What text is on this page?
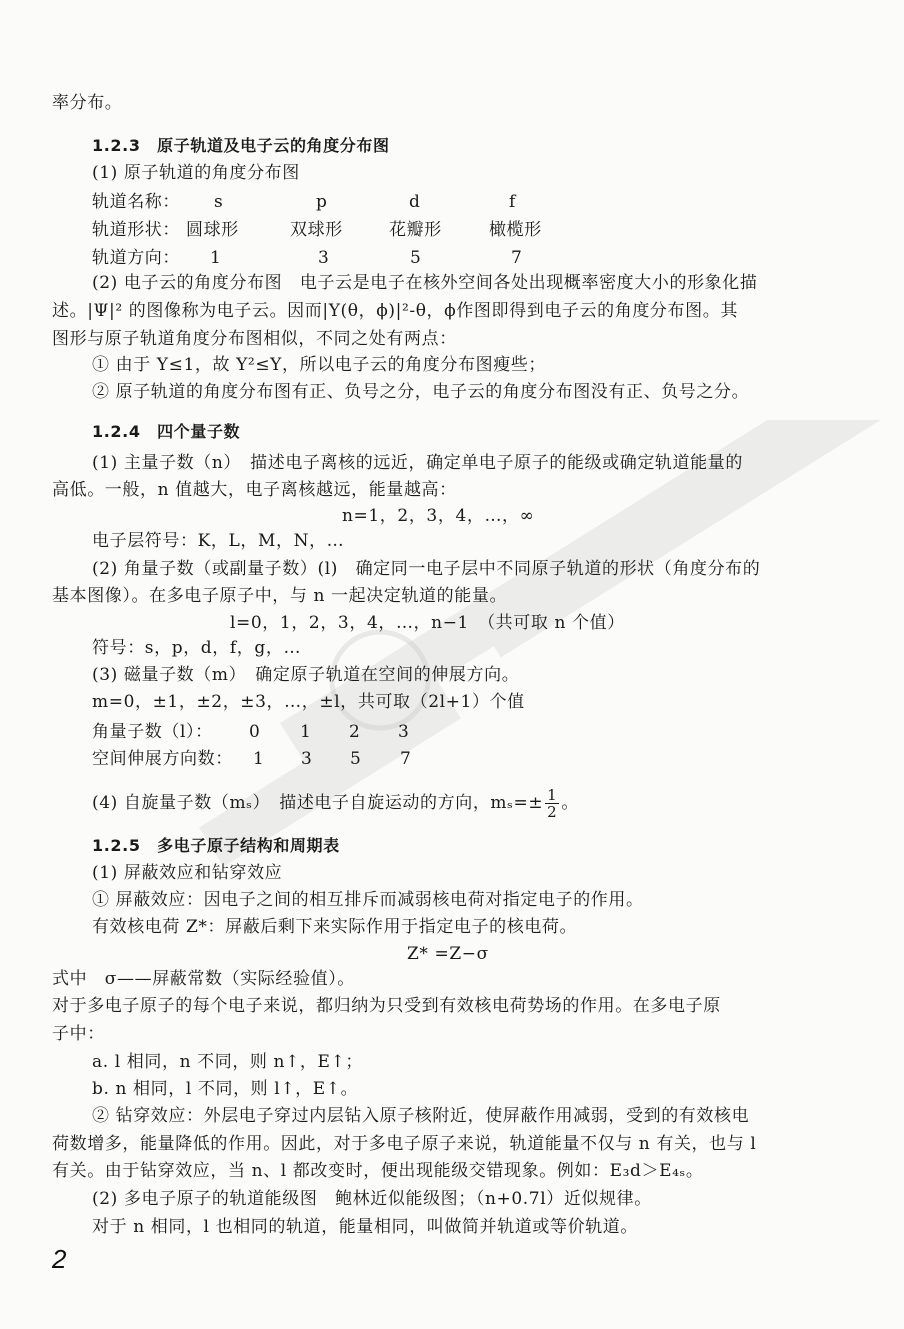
率分布。
1.2.3　原子轨道及电子云的角度分布图
(1) 原子轨道的角度分布图
轨道名称： s	p	d	f
轨道形状： 圆球形	双球形	花瓣形	橄榄形
轨道方向： 1	3	5	7
(2) 电子云的角度分布图　电子云是电子在核外空间各处出现概率密度大小的形象化描
述。|Ψ|² 的图像称为电子云。因而|Y(θ，ϕ)|²-θ，ϕ作图即得到电子云的角度分布图。其
图形与原子轨道角度分布图相似，不同之处有两点：
① 由于 Y≤1，故 Y²≤Y，所以电子云的角度分布图瘦些；
② 原子轨道的角度分布图有正、负号之分，电子云的角度分布图没有正、负号之分。
1.2.4　四个量子数
(1) 主量子数（n）　描述电子离核的远近，确定单电子原子的能级或确定轨道能量的
高低。一般，n 值越大，电子离核越远，能量越高：
n=1，2，3，4，…，∞
电子层符号：K，L，M，N，…
(2) 角量子数（或副量子数）(l)　确定同一电子层中不同原子轨道的形状（角度分布的
基本图像）。在多电子原子中，与 n 一起决定轨道的能量。
l=0，1，2，3，4，…，n−1　（共可取 n 个值）
符号：s，p，d，f，g，…
(3) 磁量子数（m）　确定原子轨道在空间的伸展方向。
m=0，±1，±2，±3，…，±l，共可取（2l+1）个值
角量子数（l）： 0 1 2 3
空间伸展方向数： 1 3 5 7
(4) 自旋量子数（mₛ）　描述电子自旋运动的方向，$m_s=\pm \frac{1}{2}$ 。
1.2.5　多电子原子结构和周期表
(1) 屏蔽效应和钻穿效应
① 屏蔽效应：因电子之间的相互排斥而减弱核电荷对指定电子的作用。
有效核电荷 Z*：屏蔽后剩下来实际作用于指定电子的核电荷。
Z* =Z−σ
式中　σ——屏蔽常数（实际经验值）。
对于多电子原子的每个电子来说，都归纳为只受到有效核电荷势场的作用。在多电子原
子中：
a. l 相同，n 不同，则 n↑，E↑；
b. n 相同，l 不同，则 l↑，E↑。
② 钻穿效应：外层电子穿过内层钻入原子核附近，使屏蔽作用减弱，受到的有效核电
荷数增多，能量降低的作用。因此，对于多电子原子来说，轨道能量不仅与 n 有关，也与 l
有关。由于钻穿效应，当 n、l 都改变时，便出现能级交错现象。例如：E₃d＞E₄ₛ。
(2) 多电子原子的轨道能级图　鲍林近似能级图；（n+0.7l）近似规律。
对于 n 相同，l 也相同的轨道，能量相同，叫做简并轨道或等价轨道。
2
